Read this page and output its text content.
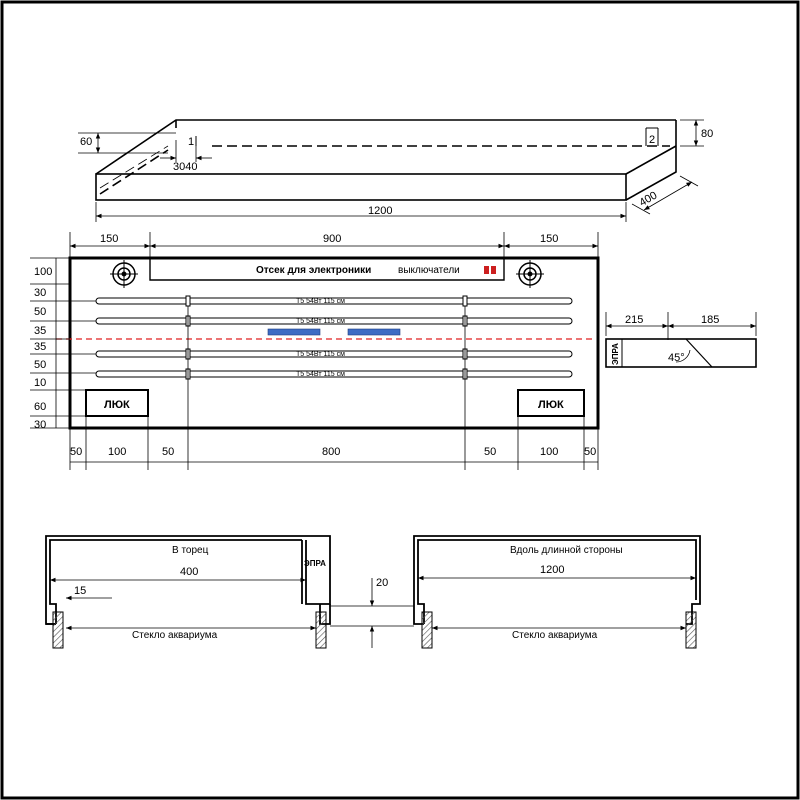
60	1	2
3040
80
400
1200
150	900	150
100
30
50
35
35
50
10
60
30
Отсек для электроники	выключатели
Т5 54Вт 115 см
Т5 54Вт 115 см
Т5 54Вт 115 см
Т5 54Вт 115 см
ЛЮК	ЛЮК
50 100	50	800	50	100 50
215	185
ЭПРА	45°
В торец
ЭПРА
400
15
Стекло аквариума
20
Вдоль длинной стороны
1200
Стекло аквариума
